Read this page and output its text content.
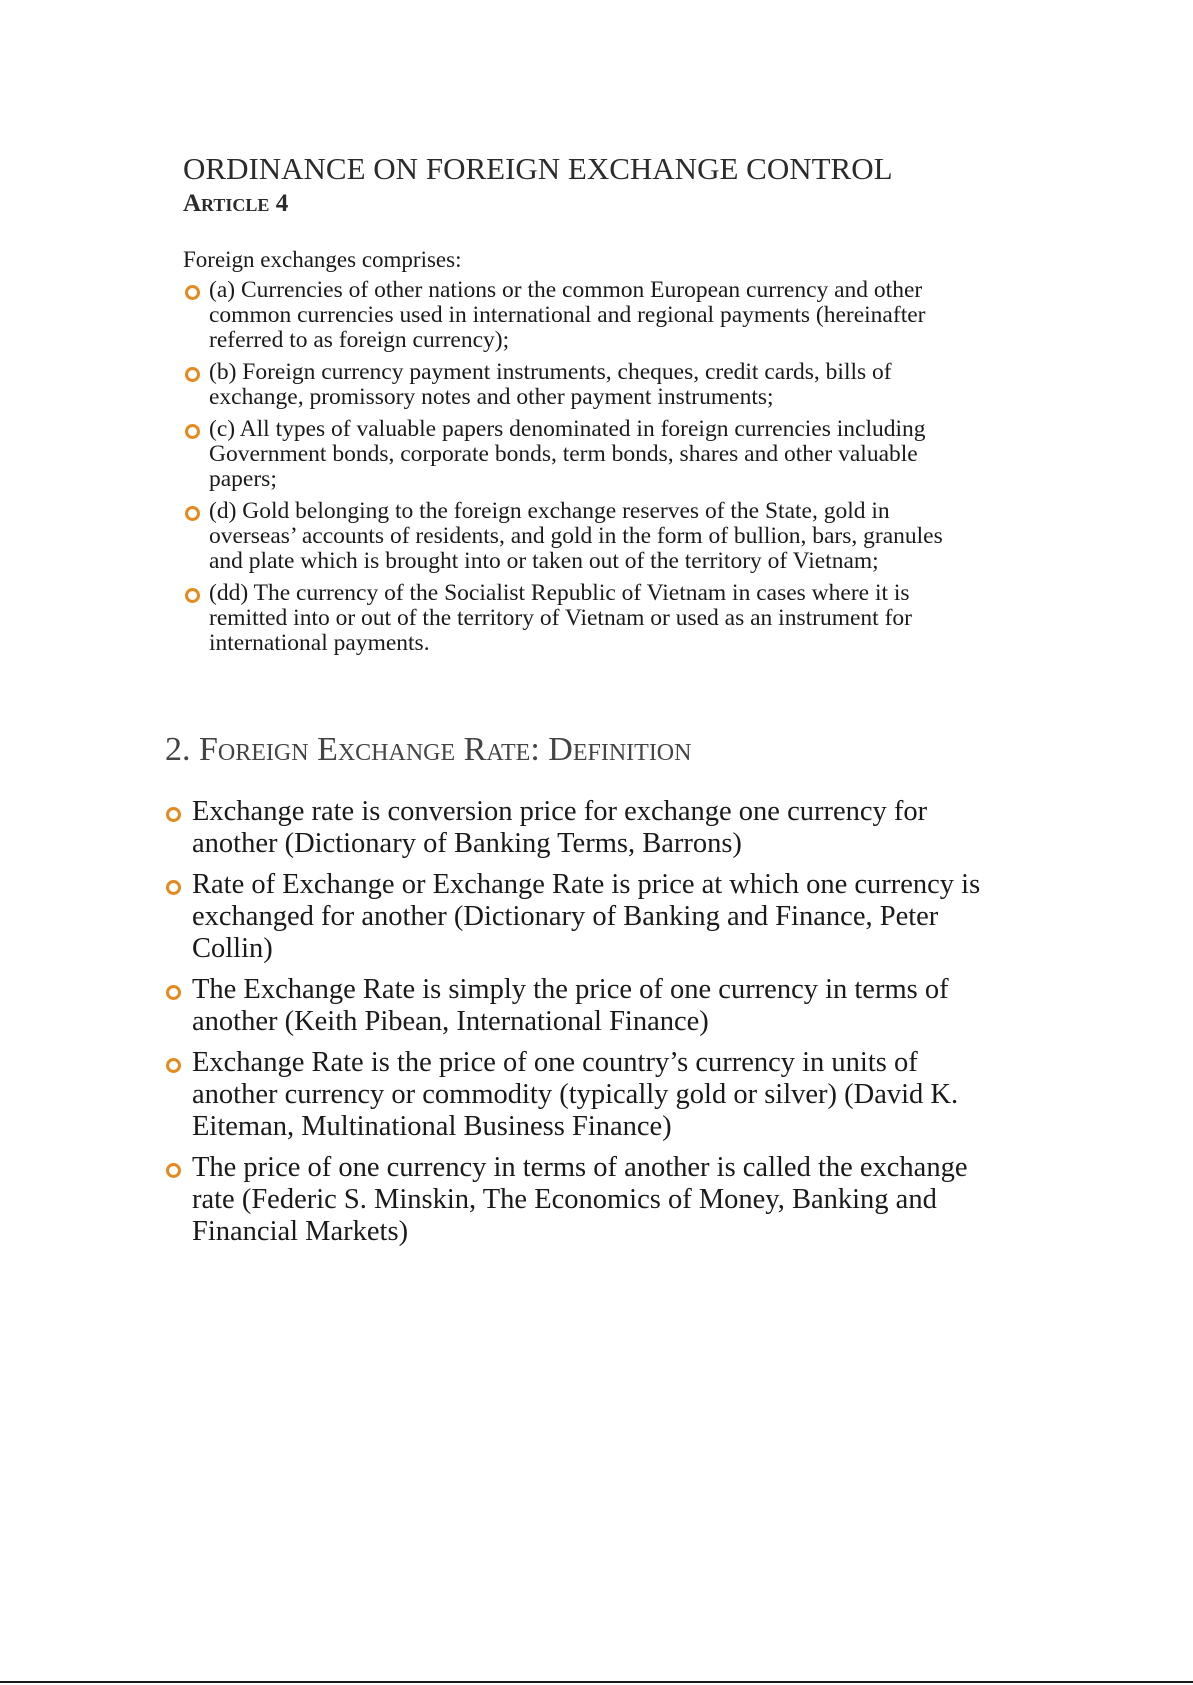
ORDINANCE ON FOREIGN EXCHANGE CONTROL
Article 4
Foreign exchanges comprises:
(a) Currencies of other nations or the common European currency and other common currencies used in international and regional payments (hereinafter referred to as foreign currency);
(b) Foreign currency payment instruments, cheques, credit cards, bills of exchange, promissory notes and other payment instruments;
(c) All types of valuable papers denominated in foreign currencies including Government bonds, corporate bonds, term bonds, shares and other valuable papers;
(d) Gold belonging to the foreign exchange reserves of the State, gold in overseas’ accounts of residents, and gold in the form of bullion, bars, granules and plate which is brought into or taken out of the territory of Vietnam;
(dd) The currency of the Socialist Republic of Vietnam in cases where it is remitted into or out of the territory of Vietnam or used as an instrument for international payments.
2. Foreign Exchange Rate: Definition
Exchange rate is conversion price for exchange one currency for another (Dictionary of Banking Terms, Barrons)
Rate of Exchange or Exchange Rate is price at which one currency is exchanged for another (Dictionary of Banking and Finance, Peter Collin)
The Exchange Rate is simply the price of one currency in terms of another (Keith Pibean, International Finance)
Exchange Rate is the price of one country’s currency in units of another currency or commodity (typically gold or silver) (David K. Eiteman, Multinational Business Finance)
The price of one currency in terms of another is called the exchange rate (Federic S. Minskin, The Economics of Money, Banking and Financial Markets)
